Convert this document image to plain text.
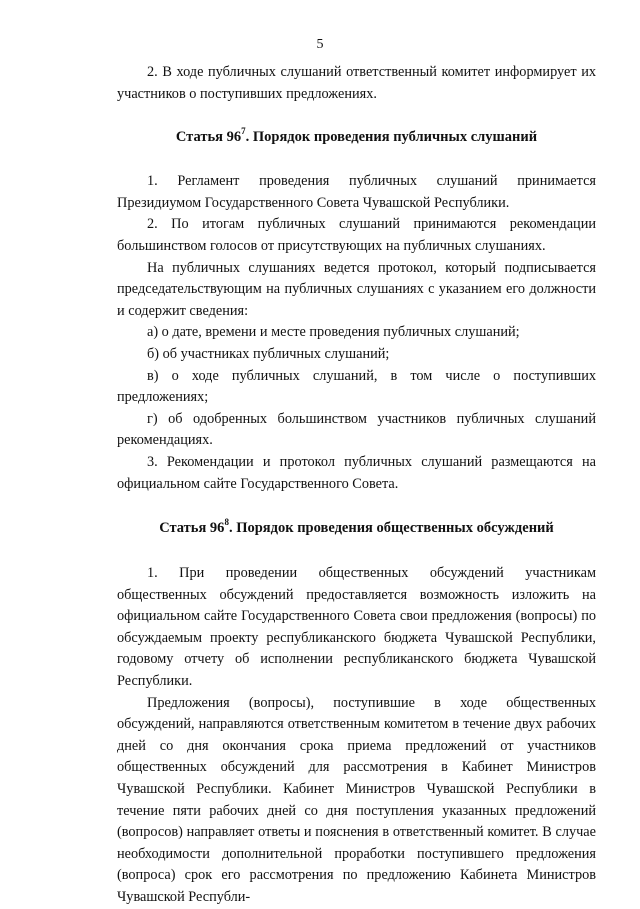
5

2. В ходе публичных слушаний ответственный комитет информирует их участников о поступивших предложениях.

Статья $96^7$. Порядок проведения публичных слушаний

1. Регламент проведения публичных слушаний принимается Президиумом Государственного Совета Чувашской Республики.

2. По итогам публичных слушаний принимаются рекомендации большинством голосов от присутствующих на публичных слушаниях.

На публичных слушаниях ведется протокол, который подписывается председательствующим на публичных слушаниях с указанием его должности и содержит сведения:

а) о дате, времени и месте проведения публичных слушаний;

б) об участниках публичных слушаний;

в) о ходе публичных слушаний, в том числе о поступивших предложениях;

г) об одобренных большинством участников публичных слушаний рекомендациях.

3. Рекомендации и протокол публичных слушаний размещаются на официальном сайте Государственного Совета.

Статья $96^8$. Порядок проведения общественных обсуждений

1. При проведении общественных обсуждений участникам общественных обсуждений предоставляется возможность изложить на официальном сайте Государственного Совета свои предложения (вопросы) по обсуждаемым проекту республиканского бюджета Чувашской Республики, годовому отчету об исполнении республиканского бюджета Чувашской Республики.

Предложения (вопросы), поступившие в ходе общественных обсуждений, направляются ответственным комитетом в течение двух рабочих дней со дня окончания срока приема предложений от участников общественных обсуждений для рассмотрения в Кабинет Министров Чувашской Республики. Кабинет Министров Чувашской Республики в течение пяти рабочих дней со дня поступления указанных предложений (вопросов) направляет ответы и пояснения в ответственный комитет. В случае необходимости дополнительной проработки поступившего предложения (вопроса) срок его рассмотрения по предложению Кабинета Министров Чувашской Республи-
